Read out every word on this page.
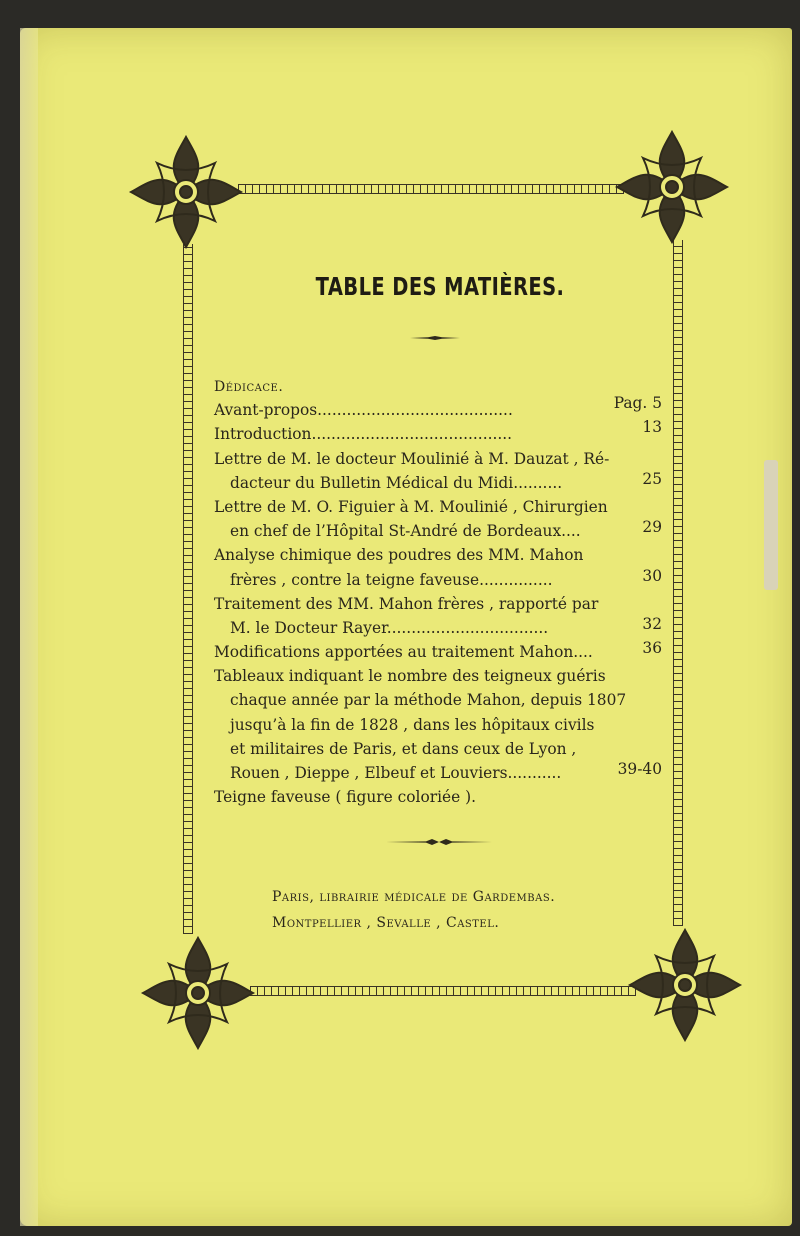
TABLE DES MATIÈRES.
Dédicace.
Avant-propos........................................	Pag. 5
Introduction.........................................	13
Lettre de M. le docteur Moulinié à M. Dauzat , Ré-
dacteur du Bulletin Médical du Midi..........	25
Lettre de M. O. Figuier à M. Moulinié , Chirurgien
en chef de l’Hôpital St-André de Bordeaux....	29
Analyse chimique des poudres des MM. Mahon
frères , contre la teigne faveuse...............	30
Traitement des MM. Mahon frères , rapporté par
M. le Docteur Rayer.................................	32
Modifications apportées au traitement Mahon....	36
Tableaux indiquant le nombre des teigneux guéris
chaque année par la méthode Mahon, depuis 1807
jusqu’à la fin de 1828 , dans les hôpitaux civils
et militaires de Paris, et dans ceux de Lyon ,
Rouen , Dieppe , Elbeuf et Louviers...........	39-40
Teigne faveuse ( figure coloriée ).
Paris, librairie médicale de Gardembas.
Montpellier , Sevalle , Castel.
